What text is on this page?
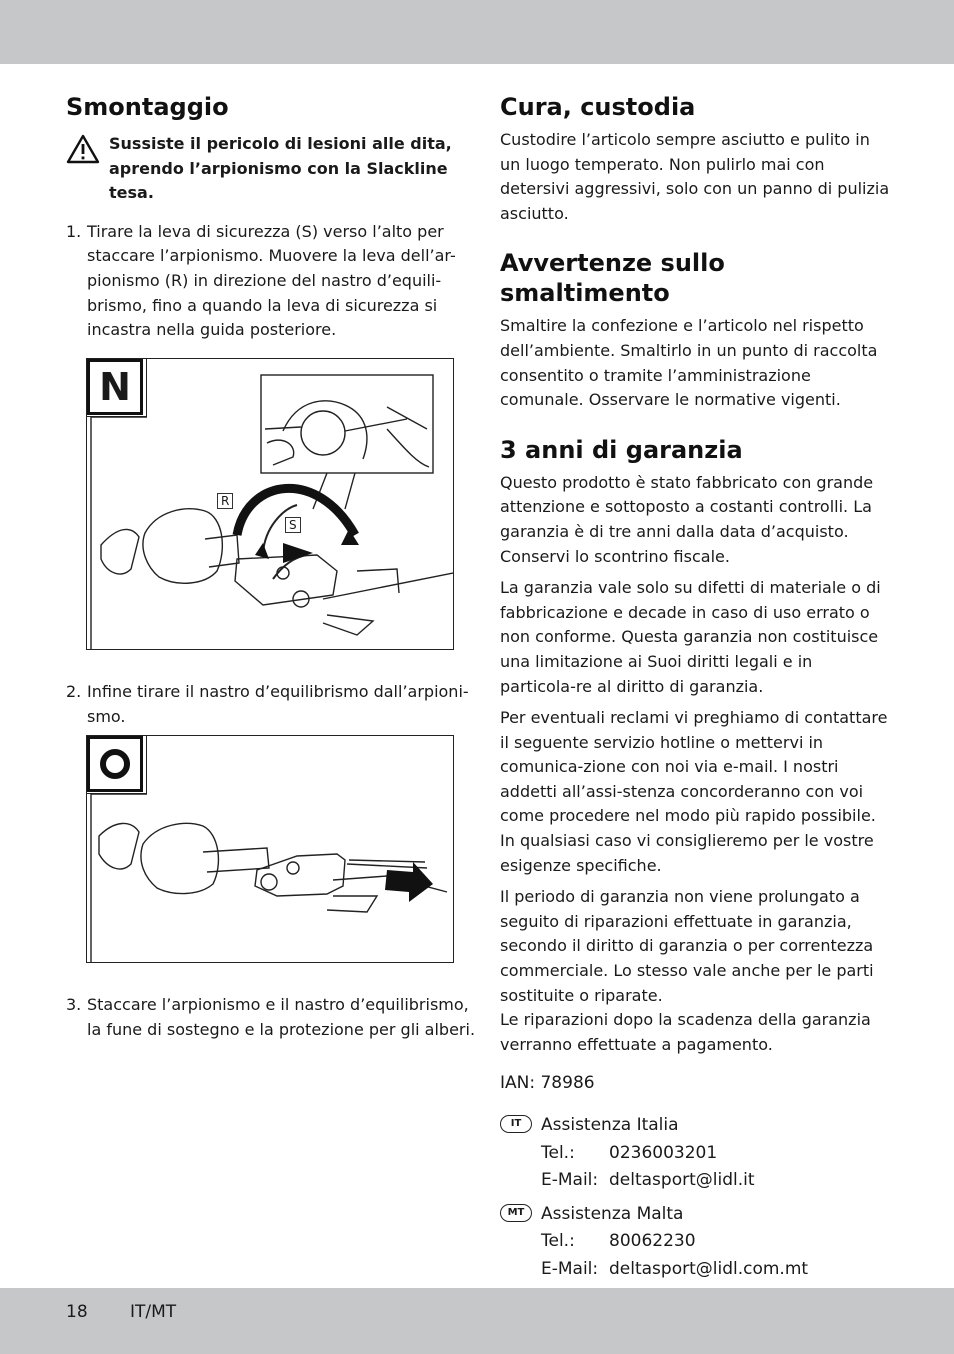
Smontaggio
Sussiste il pericolo di lesioni alle dita, aprendo l’arpionismo con la Slackline tesa.
1. Tirare la leva di sicurezza (S) verso l’alto per staccare l’arpionismo. Muovere la leva dell’ar-pionismo (R) in direzione del nastro d’equili-brismo, fino a quando la leva di sicurezza si incastra nella guida posteriore.
N
R
S
2. Infine tirare il nastro d’equilibrismo dall’arpioni-smo.
3. Staccare l’arpionismo e il nastro d’equilibrismo, la fune di sostegno e la protezione per gli alberi.
Cura, custodia

Custodire l’articolo sempre asciutto e pulito in un luogo temperato. Non pulirlo mai con detersivi aggressivi, solo con un panno di pulizia asciutto.

Avvertenze sullo smaltimento

Smaltire la confezione e l’articolo nel rispetto dell’ambiente. Smaltirlo in un punto di raccolta consentito o tramite l’amministrazione comunale. Osservare le normative vigenti.

3 anni di garanzia

Questo prodotto è stato fabbricato con grande attenzione e sottoposto a costanti controlli. La garanzia è di tre anni dalla data d’acquisto. Conservi lo scontrino fiscale.

La garanzia vale solo su difetti di materiale o di fabbricazione e decade in caso di uso errato o non conforme. Questa garanzia non costituisce una limitazione ai Suoi diritti legali e in particola-re al diritto di garanzia.

Per eventuali reclami vi preghiamo di contattare il seguente servizio hotline o mettervi in comunica-zione con noi via e-mail. I nostri addetti all’assi-stenza concorderanno con voi come procedere nel modo più rapido possibile. In qualsiasi caso vi consiglieremo per le vostre esigenze specifiche.

Il periodo di garanzia non viene prolungato a seguito di riparazioni effettuate in garanzia, secondo il diritto di garanzia o per correntezza commerciale. Lo stesso vale anche per le parti sostituite o riparate.

Le riparazioni dopo la scadenza della garanzia verranno effettuate a pagamento.

IAN: 78986

IT	Assistenza Italia
Tel.:	0236003201
E-Mail: deltasport@lidl.it
MT Assistenza Malta
Tel.:	80062230
E-Mail: deltasport@lidl.com.mt
18 IT/MT
